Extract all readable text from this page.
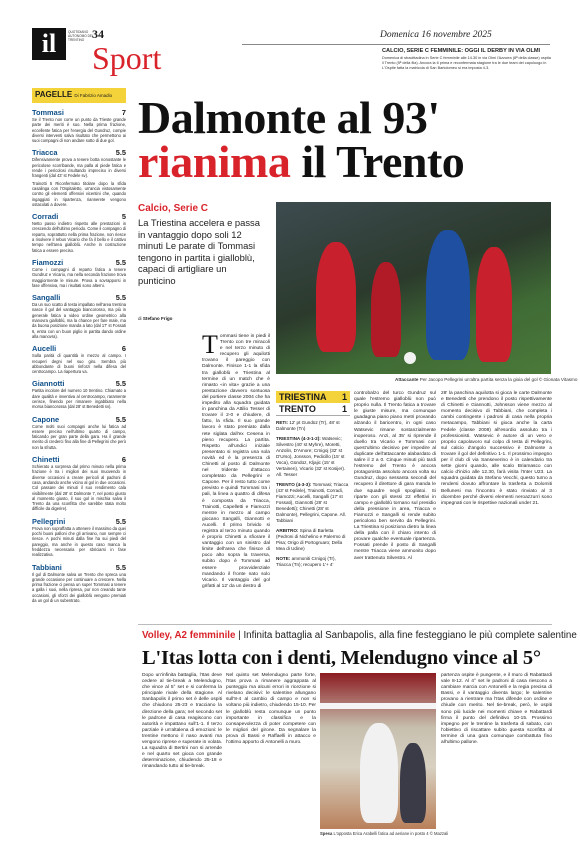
il	QUOTIDIANO AUTONOMO DEL TRENTINO 34
Sport
Domenica 16 novembre 2025
CALCIO, SERIE C FEMMINILE: OGGI IL DERBY IN VIA OLMI
Domenica di stracittadina in Serie C femminile alle 14.30 in via Olmi l'Azzurra (8ª della classe) ospita il Trento (5ª della fila). Ancora la 6 prima e reconfermata stagione tra le due team del capoluogo in L'Ospite fatta la matricola di San Bartolomeo si era imposta 4-3.
PAGELLE Di Fabrizio Amadio
Tommasi	7
Se il Trento non corre un punto da Trieste grande parte dei meriti è suo. Nella prima frazione, eccellente fatica per l'energia del Gundruz, compie diversi interventi salva risultato che permettono ai suoi compagni di non andare sotto di due gol.
Triacca	5.5
Difensivamente prova a tenere botta nonostante le pericolose scorribande, ma palla al piede fatica e rende i pericolosi risultando impreciso in diversi frangenti (dal 43' st Fedele sv).
Trainotti 5 Riconfermato titolare dopo la sfida casalinga con l'Ospitaletto, un'ancia vistosamente contro gli elementi offensivi vicentini che, quando ingaggiati in ripartenza, riannerete vengono ostacolati a dovere.
Corradi	5
Netto passo indietro rispetto alle prestazioni in crescendo dell'ultimo periodo. Come il compagno di reparto, soprattutto nella prima frazione, non riesce a risolvere il rebus Vicario che fa il bello e il cattivo tempo nell'area gialloblù. Anche in costruzione fatica a essere preciso.
Fiamozzi	5.5
Come i compagni di reparto fatica a tenere Gundruz e Vicario, ma nella seconda frazione trova maggiormente le misure. Prova a sovrapporsi in fase offensiva, ma i risultati sono alterni.
Sangalli	5.5
Da un suo scatto di testa impallato nell'area trentina nasce il gol del vantaggio biancorosso, ma più in generale fatica a video ordine geometrico alla manovra gialloblù, ma la chance per fare male, ma da buona posizione manda a lato (dal 17' st Fossati 6, entra con un buon piglio in partita dando ordine alla manovra).
Aucelli	6
Sulla parità di quantità in mezzo al campo. I recuperi degni nel suo giro. Sembra più abbondante di buoni rinforzi nella difesa del centrocampo. La riapertura va.
Giannotti	5.5
Partita incolore del numero 10 trentino. Chiamato a dare qualità e inventiva al centrocampo, raramente cerisce, finendo per rimanere ingabbiato nella morsa biancorossa (dal 28' st Benedetti sv).
Capone	5.5
Come molti suoi compagni anche lui fatica ad essere preciso nell'ultimo quarto di campo, faticando per gran parte della gara. Ha il grande merito di crederci fino alla fine di Pellegrini che però non la sfrutta.
Chinetti	6
Schierato a sorpresa dal primo minuto nella prima frazione è tra i migliori dei suoi muovendo in diverse occasioni a creare pericoli al padroni di casa, andando anche vicino al gol in due occasioni. Col passare dei minuti il suo rendimento cala visibilmente (dal 28' st Dalmonte 7, nel posto giusto al momento giusto, il suo gol in mischia salva il Trento da una sconfitta che sarebbe stata molto difficile da digerire).
Pellegrini	5.5
Prova non sopraffatta a ottenere il massimo da quei pochi buoni palloni che gli arrivano, non sempre ci riesce. A pochi minuti dalla fine ha sui piedi del pareggio, ma anche in questo caso manca la freddezza necessaria per sbriciarsi in fase realizzativa.
Tabbiani	5.5
Il gol di Dalmonte salva un Trento che spreca una grande occasione per continuare a crescere. Nella prima frazione ci pensa un super Tommasi a tenere a galla i suoi, nella ripresa, pur non creando tante occasioni, gli sforzi dei gialloblù vengono premiati da un gol di un subentrato.
Dalmonte al 93'
rianima il Trento
Calcio, Serie C
La Triestina accelera e passa in vantaggio dopo soli 12 minuti Le parate di Tommasi tengono in partita i gialloblù, capaci di artigliare un punticino
di Stefano Frigo
Attaccante Per Jacopo Pellegrini un'altra partita senza la gioia del gol © Gionata Vitasmo
T ommasi tiene in piedi il Trento con tre miracoli e nel terzo minuto di recupero gli aquilotti trovano il pareggio con Dalmonte. Finisce 1-1 la sfida tra gialloblù e Triestina al termine di un match che è rimasto «in vita» grazie a una prestazione davvero sontuosa del portiere classe 2004 che ha impedito alla squadra guidata in panchina da Attilio Tesser di trovare il 2-0 e chiudere, di fatto, la sfida. Il suo grande lavoro è stato premiato dalla rete siglata dall'ex Cesena in pieno recupero. La partita. Rispetto all'undici iniziale presentato si registra una sola novità ed è la presenza di Chinetti al posto di Dalmonte nel tridente d'attacco completato da Pellegrini e Capone. Per il resto tutto come previsto e quindi Tommasi tra i pali, la linea a quattro di difesa è composta da Triacca, Trainotti, Capelletti e Fiamozzi mentre in mezzo al campo giocano Sangalli, Giannotti e Aucelli. Il primo brivido si registra al terzo minuto quando è proprio Chinetti a sfiorare il vantaggio con un sinistro dal limite dell'area che finisce di poco alto sopra la traversa, subito dopo è Tommasi ad essere provvidenziale mandando il fronte nato solo Vicario. Il vantaggio del gol grifatti al 12' da un destro di
TRIESTINA 1
TRENTO	1
RETI: 12' pt Gundüz (Tr), 48' st Dalmonte (Tn)
TRIESTINA (4-3-1-2): Watsevic; Silvestro (40' st Myhre), Moretti, Anzolin, D'Amore; Crnigoj (32' st D'Urso), Jonsson, Pedicillo (15' st Voca), Gündüz, Kljajic (15' st Vertainen), Vicario (32' st Kosijer). All. Tesser
TRENTO (4-3-3): Tommasi; Triacca (43' st Fedele), Trainotti, Corradi, Fiamozzi; Aucelli, Sangalli (17' st Fossati), Giannotti (28' st Benedetti); Chinetti (28' st Dalmonte), Pellegrini, Capone. All. Tabbiani
ARBITRO: Spina di Barletta (Pedroni di Nichelino e Palermo di Pisa; Origo di Portogruaro; Della Mea di Udine)
NOTE: ammoniti Crnigoj (Tr), Triacca (Tn); recupero 1'+ 4'
controbalzo del turco Gundruz sul quale l'estremo gialloblù non può proprio nulla. Il Trento fatica a trovare le giuste misure, ma comunque guadagna piano piano metri provando alzando il baricentro, in ogni caso Watsevic rimane sostanzialmente inoperoso. Anzi, al 35' si riprende il duello tra Vicario e Tommasi con quest'ultimo decisivo per impedire al duplicate dell'attaccante alabardato di salire il 2 a 0. Cinque minuti più tardi l'estremo del Trento è ancora protagonista assoluto ancora volta su Gundruz, dopo sessanta secondi del recupero il direttore di gara manda le due squadre negli spogliatoi. Si riparte con gli stessi 22 effettivi in campo e gialloblù tornano sul presidio della pressione in area, Triacca e Fiamozzi e Sangalli si rende subito pericoloso ben servito da Pellegrini. La Triestina si posiziona dietro la linea della palla con il chiaro intento di provare qualche eventuale ripartenza. Fossati prende il posto di Sangalli mentre Triacca viene ammonito dopo aver trattenuto Silvestro. Al
28' la panchina aquilotta si gioca le carte Dalmonte e Benedetti che prendono il posto rispettivamente di Chinetti e Giannotti, Johnsson viene mezzo al momento decisivo di Tabbiani, che completa i cambi contingente i padroni di casa nella propria metacampo, Tabbiani si gioca anche la carta Fedele (classe 2008) all'esordio assoluto tra i professionisti. Watsevic è autore di un vero e proprio capolavoro sul colpo di testa di Pellegrini, sul calcio d'angolo successivo è Dalmonte a trovare il gol del definitivo 1-1. Il prossimo impegno per il club di via Sanseverino è in calendario tra sette giorni quando, alle scalo Briamasco con calcio d'inizio alle 12.30, farà visita l'Inter U23. La squadra guidata da Stefano Vecchi, questo turno a rendersi dovuto affrontare la trasferta a Dolomiti Bellunesi ma l'incontro è stato rinviato al 3 dicembre perché diversi elementi neroazzurri sono impegnati con le rispettive nazionali under 21.
Volley, A2 femminile | Infinita battaglia al Sanbapolis, alla fine festeggiano le più complete salentine
L'Itas lotta con i denti, Melendugno vince al 5°
Dopo un'infinita battaglia, l'Itas deve cedere al tie-break a Melendugno, che vince al 5° set e si conferma la principale rivale della stagione. Al Sanbapolis il primo set è delle ospiti che chiudono 25-23 e tracciano la direzione della gara; nel secondo set le padrone di casa reagiscono con autorità e impattano sull'1-1. Il terzo parziale è un'altalena di emozioni: le trentine mettono il naso avanti ma vengono riprese e superate in volata. La squadra di Bertini non si arrende e nel quarto set gioca con grande determinazione, chiudendo 25-18 e rimandando tutto al tie-break.
Nel quinto set Melendugno parte forte, l'Itas prova a rimanere aggrappata al punteggio ma alcuni errori in ricezione si rivelano decisivi: le salentine allungano sull'8-4 al cambio di campo e non si voltano più indietro, chiudendo 15-10. Per le gialloblù resta comunque un punto importante in classifica e la consapevolezza di poter competere con le migliori del girone. Da segnalare la prova di Bassi e Raffaelli in attacco e l'ottimo apporto di Antonelli a muro.
Spesa L'opposta Erica Arabelli fatica ad aeriane in posto 4 © Mazzali
partenza ospite è pungente, e il muro di Rabattardi vale 8-12. Al 4° set le padroni di casa riescono a cambiare marcia con Antonelli e la regia precisa di Bassi, e il vantaggio diventa largo; le salentine provano a rientrare ma l'Itas difende con ordine e chiude con merito. Nel tie-break, però, le ospiti sono più lucide nei momenti chiave e Rabattardi firma il punto del definitivo 10-15. Prossimo impegno per le trentine la trasferta di sabato, con l'obiettivo di riscattare subito questa sconfitta al termine di una gara comunque combattuta fino all'ultimo pallone.
